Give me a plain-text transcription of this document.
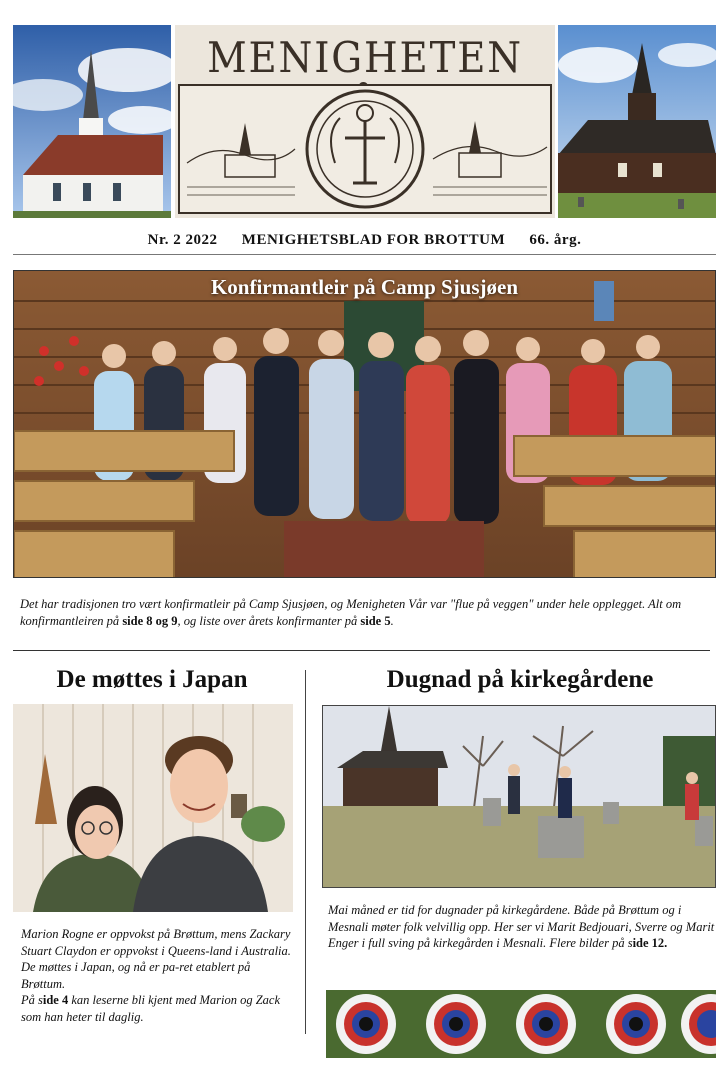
MENIGHETEN
Nr. 2 2022 MENIGHETSBLAD FOR BROTTUM 66. årg.
Konfirmantleir på Camp Sjusjøen
Det har tradisjonen tro vært konfirmatleir på Camp Sjusjøen, og Menigheten Vår var "flue på veggen" under hele opplegget. Alt om konfirmantleiren på side 8 og 9, og liste over årets konfirmanter på side 5.
De møttes i Japan
Marion Rogne er oppvokst på Brøttum, mens Zackary Stuart Claydon er oppvokst i Queens-land i Australia. De møttes i Japan, og nå er pa-ret etablert på Brøttum.
På side 4 kan leserne bli kjent med Marion og Zack som han heter til daglig.
Dugnad på kirkegårdene
Mai måned er tid for dugnader på kirkegårdene. Både på Brøttum og i Mesnali møter folk velvillig opp. Her ser vi Marit Bedjouari, Sverre og Marit Enger i full sving på kirkegården i Mesnali. Flere bilder på side 12.
